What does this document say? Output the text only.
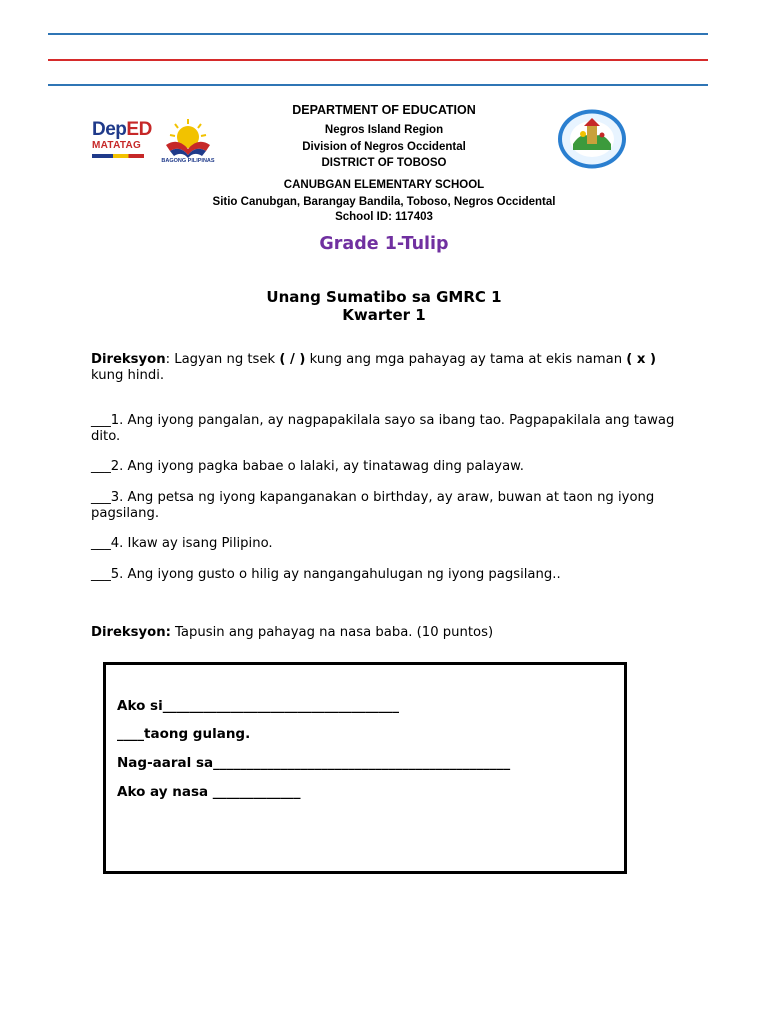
DepED
MATATAG
BAGONG PILIPINAS
DEPARTMENT OF EDUCATION
Negros Island Region
Division of Negros Occidental
DISTRICT OF TOBOSO
CANUBGAN ELEMENTARY SCHOOL
Sitio Canubgan, Barangay Bandila, Toboso, Negros Occidental
School ID: 117403
Grade 1-Tulip
Unang Sumatibo sa GMRC 1
Kwarter 1
Direksyon: Lagyan ng tsek ( / ) kung ang mga pahayag ay tama at ekis naman ( x ) kung hindi.
___1. Ang iyong pangalan, ay nagpapakilala sayo sa ibang tao. Pagpapakilala ang tawag dito.
___2. Ang iyong pagka babae o lalaki, ay tinatawag ding palayaw.
___3. Ang petsa ng iyong kapanganakan o birthday, ay araw, buwan at taon ng iyong pagsilang.
___4. Ikaw ay isang Pilipino.
___5. Ang iyong gusto o hilig ay nangangahulugan ng iyong pagsilang..
Direksyon: Tapusin ang pahayag na nasa baba. (10 puntos)
Ako si___________________________________
____taong gulang.
Nag-aaral sa____________________________________________
Ako ay nasa _____________
